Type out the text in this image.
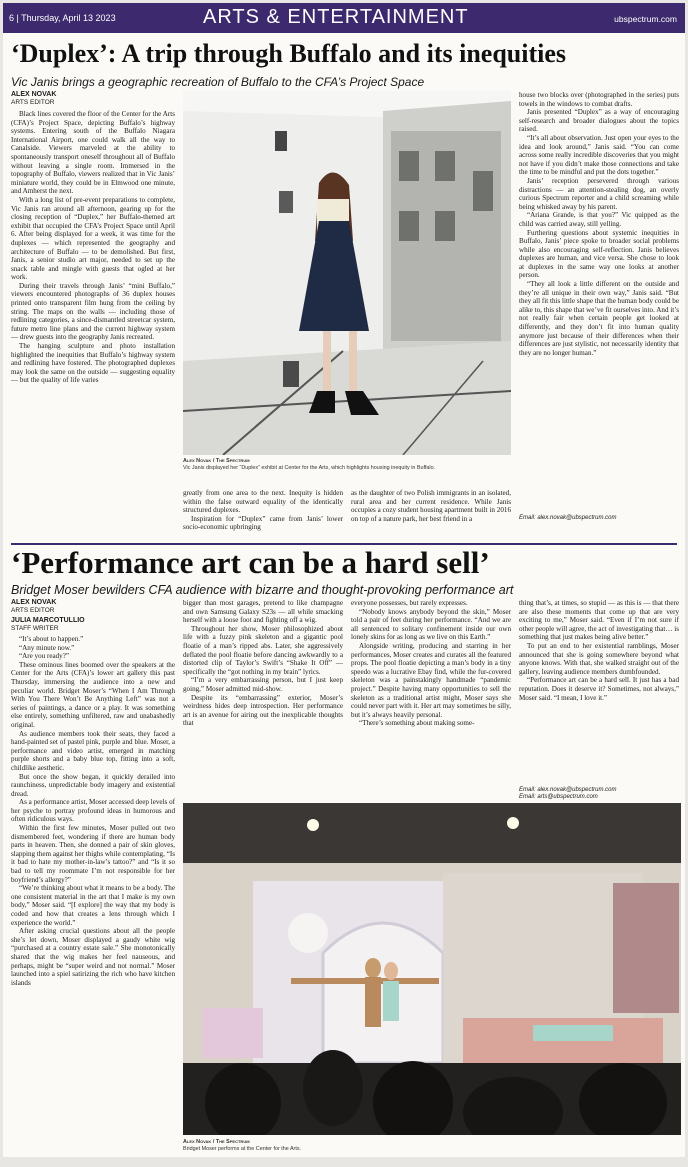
6 | Thursday, April 13 2023	ARTS & ENTERTAINMENT	ubspectrum.com
‘Duplex’: A trip through Buffalo and its inequities
Vic Janis brings a geographic recreation of Buffalo to the CFA’s Project Space
ALEX NOVAK
ARTS EDITOR

Black lines covered the floor of the Center for the Arts (CFA)’s Project Space, depicting Buffalo’s highway systems. Entering south of the Buffalo Niagara International Airport, one could walk all the way to Canalside. Viewers marveled at the ability to spontaneously transport oneself throughout all of Buffalo without leaving a single room. Immersed in the topography of Buffalo, viewers realized that in Vic Janis’ miniature world, they could be in Elmwood one minute, and Amherst the next.

With a long list of pre-event preparations to complete, Vic Janis ran around all afternoon, gearing up for the closing reception of “Duplex,” her Buffalo-themed art exhibit that occupied the CFA’s Project Space until April 6. After being displayed for a week, it was time for the duplexes — which represented the geography and architecture of Buffalo — to be demolished. But first, Janis, a senior studio art major, needed to set up the snack table and mingle with guests that ogled at her work.

During their travels through Janis’ “mini Buffalo,” viewers encountered photographs of 36 duplex houses printed onto transparent film hung from the ceiling by string. The maps on the walls — including those of redlining categories, a since-dismantled streetcar system, future metro line plans and the current highway system — drew guests into the geography Janis recreated.

The hanging sculpture and photo installation highlighted the inequities that Buffalo’s highway system and redlining have fostered. The photographed duplexes may look the same on the outside — suggesting equality — but the quality of life varies

Alex Novak / The Spectrum
Vic Janis displayed her “Duplex” exhibit at Center for the Arts, which highlights housing inequity in Buffalo.

greatly from one area to the next. Inequity is hidden within the false outward equality of the identically structured duplexes.

Inspiration for “Duplex” came from Janis’ lower socio-economic upbringing

as the daughter of two Polish immigrants in an isolated, rural area and her current residence. While Janis occupies a cozy student housing apartment built in 2016 on top of a nature park, her best friend in a

house two blocks over (photographed in the series) puts towels in the windows to combat drafts.

Janis presented “Duplex” as a way of encouraging self-research and broader dialogues about the topics raised.

“It’s all about observation. Just open your eyes to the idea and look around,” Janis said. “You can come across some really incredible discoveries that you might not have if you didn’t make those connections and take the time to be mindful and put the dots together.”

Janis’ reception persevered through various distractions — an attention-stealing dog, an overly curious Spectrum reporter and a child screaming while being whisked away by his parent.

“Ariana Grande, is that you?” Vic quipped as the child was carried away, still yelling.

Furthering questions about systemic inequities in Buffalo, Janis’ piece spoke to broader social problems while also encouraging self-reflection. Janis believes duplexes are human, and vice versa. She chose to look at duplexes in the same way one looks at another person.

“They all look a little different on the outside and they’re all unique in their own way,” Janis said. “But they all fit this little shape that the human body could be alike to, this shape that we’ve fit ourselves into. And it’s not really fair when certain people get looked at differently, and they don’t fit into human quality anymore just because of their differences when their differences are just stylistic, not necessarily identity that they are no longer human.”

Email: alex.novak@ubspectrum.com
‘Performance art can be a hard sell’
Bridget Moser bewilders CFA audience with bizarre and thought-provoking performance art
ALEX NOVAK
ARTS EDITOR
JULIA MARCOTULLIO
STAFF WRITER

“It’s about to happen.”

“Any minute now.”

“Are you ready?”

These ominous lines boomed over the speakers at the Center for the Arts (CFA)’s lower art gallery this past Thursday, immersing the audience into a new and peculiar world. Bridget Moser’s “When I Am Through With You There Won’t Be Anything Left” was not a series of paintings, a dance or a play. It was something else entirely, something unfiltered, raw and unabashedly original.

As audience members took their seats, they faced a hand-painted set of pastel pink, purple and blue. Moser, a performance and video artist, emerged in matching purple shorts and a baby blue top, fitting into a soft, childlike aesthetic.

But once the show began, it quickly derailed into raunchiness, unpredictable body imagery and existential dread.

As a performance artist, Moser accessed deep levels of her psyche to portray profound ideas in humorous and often ridiculous ways.

Within the first few minutes, Moser pulled out two dismembered feet, wondering if there are human body parts in heaven. Then, she donned a pair of skin gloves, slapping them against her thighs while contemplating, “Is it bad to hate my mother-in-law’s tattoo?” and “Is it so bad to tell my roommate I’m not responsible for her boyfriend’s allergy?”

“We’re thinking about what it means to be a body. The one consistent material in the art that I make is my own body,” Moser said. “[I explore] the way that my body is coded and how that creates a lens through which I experience the world.”

After asking crucial questions about all the people she’s let down, Moser displayed a gaudy white wig “purchased at a country estate sale.” She monotonically shared that the wig makes her feel nauseous, and perhaps, might be “super weird and not normal.” Moser launched into a spiel satirizing the rich who have kitchen islands

bigger than most garages, pretend to like champagne and own Samsung Galaxy S23s — all while smacking herself with a loose foot and fighting off a wig.

Throughout her show, Moser philosophized about life with a fuzzy pink skeleton and a gigantic pool floatie of a man’s ripped abs. Later, she aggressively deflated the pool floatie before dancing awkwardly to a distorted clip of Taylor’s Swift’s “Shake It Off” — specifically the “got nothing in my brain” lyrics.

“I’m a very embarrassing person, but I just keep going,” Moser admitted mid-show.

Despite its “embarrassing” exterior, Moser’s weirdness hides deep introspection. Her performance art is an avenue for airing out the inexplicable thoughts that

everyone possesses, but rarely expresses.

“Nobody knows anybody beyond the skin,” Moser told a pair of feet during her performance. “And we are all sentenced to solitary confinement inside our own lonely skins for as long as we live on this Earth.”

Alongside writing, producing and starring in her performances, Moser creates and curates all the featured props. The pool floatie depicting a man’s body in a tiny speedo was a lucrative Ebay find, while the fur-covered skeleton was a painstakingly handmade “pandemic project.” Despite having many opportunities to sell the skeleton as a traditional artist might, Moser says she could never part with it. Her art may sometimes be silly, but it’s always heavily personal.

“There’s something about making some-

thing that’s, at times, so stupid — as this is — that there are also these moments that come up that are very exciting to me,” Moser said. “Even if I’m not sure if other people will agree, the act of investigating that… is something that just makes being alive better.”

To put an end to her existential ramblings, Moser announced that she is going somewhere beyond what anyone knows. With that, she walked straight out of the gallery, leaving audience members dumbfounded.

“Performance art can be a hard sell. It just has a bad reputation. Does it deserve it? Sometimes, not always,” Moser said. “I mean, I love it.”

Email: alex.novak@ubspectrum.com
Email: arts@ubspectrum.com
Alex Novak / The Spectrum
Bridget Moser performs at the Center for the Arts.
